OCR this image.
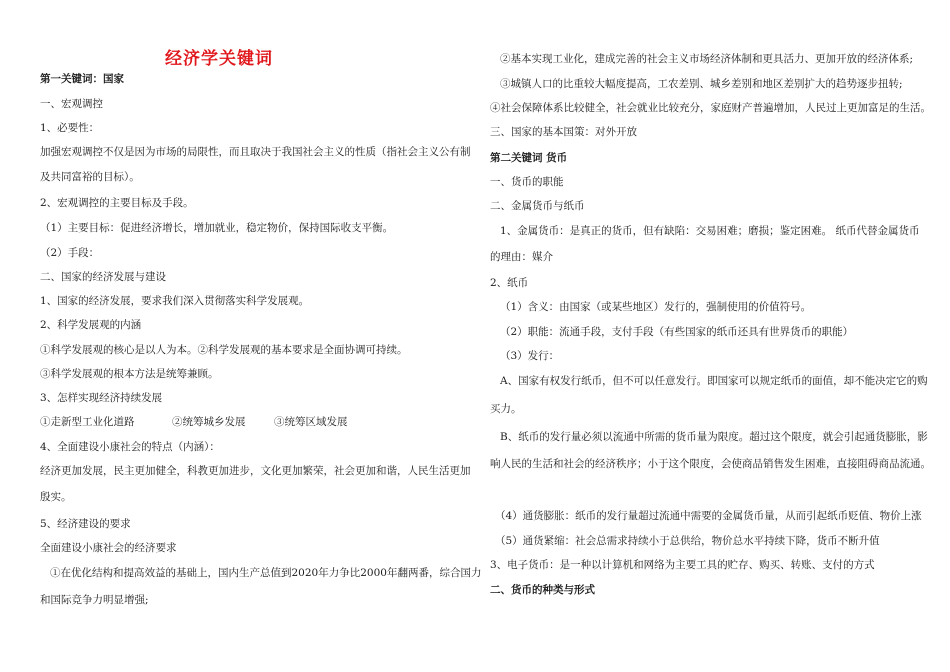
第一关键词：国家
一、宏观调控
1、必要性：
加强宏观调控不仅是因为市场的局限性，而且取决于我国社会主义的性质（指社会主义公有制
及共同富裕的目标）。
2、宏观调控的主要目标及手段。
（1）主要目标：促进经济增长，增加就业，稳定物价，保持国际收支平衡。
（2）手段：
二、国家的经济发展与建设
1、国家的经济发展，要求我们深入贯彻落实科学发展观。
2、科学发展观的内涵
①科学发展观的核心是以人为本。②科学发展观的基本要求是全面协调可持续。
③科学发展观的根本方法是统筹兼顾。
3、怎样实现经济持续发展
①走新型工业化道路	②统筹城乡发展	③统筹区域发展
4、全面建设小康社会的特点（内涵）：
经济更加发展，民主更加健全，科教更加进步，文化更加繁荣，社会更加和谐，人民生活更加
殷实。
5、经济建设的要求
全面建设小康社会的经济要求
①在优化结构和提高效益的基础上，国内生产总值到2020年力争比2000年翻两番，综合国力
和国际竞争力明显增强;
②基本实现工业化，建成完善的社会主义市场经济体制和更具活力、更加开放的经济体系;
③城镇人口的比重较大幅度提高，工农差别、城乡差别和地区差别扩大的趋势逐步扭转;
④社会保障体系比较健全，社会就业比较充分，家庭财产普遍增加，人民过上更加富足的生活。
三、国家的基本国策：对外开放
第二关键词 货币
一、货币的职能
二、金属货币与纸币
1、金属货币：是真正的货币，但有缺陷：交易困难；磨损；鉴定困难。 纸币代替金属货币
的理由：媒介
2、纸币
（1）含义：由国家（或某些地区）发行的，强制使用的价值符号。
（2）职能：流通手段，支付手段（有些国家的纸币还具有世界货币的职能）
（3）发行：
A、国家有权发行纸币，但不可以任意发行。即国家可以规定纸币的面值，却不能决定它的购
买力。
B、纸币的发行量必须以流通中所需的货币量为限度。超过这个限度，就会引起通货膨胀，影
响人民的生活和社会的经济秩序；小于这个限度，会使商品销售发生困难，直接阻碍商品流通。
（4）通货膨胀：纸币的发行量超过流通中需要的金属货币量，从而引起纸币贬值、物价上涨
（5）通货紧缩：社会总需求持续小于总供给，物价总水平持续下降，货币不断升值
3、电子货币：是一种以计算机和网络为主要工具的贮存、购买、转账、支付的方式
二、货币的种类与形式
经济学关键词
